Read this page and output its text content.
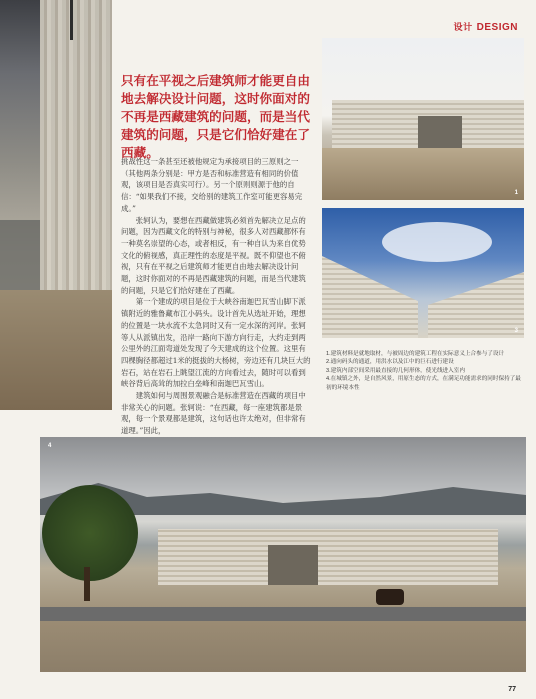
设计 DESIGN
1
3
4
只有在平视之后建筑师才能更自由地去解决设计问题，这时你面对的不再是西藏建筑的问题，而是当代建筑的问题，只是它们恰好建在了西藏。

挑战性这一条甚至还被他规定为承接项目的三原则之一（其他两条分别是：甲方是否和标准营造有相同的价值观，该项目是否真实可行）。另一个原则则源于他的自信：“如果我们不接，交给别的建筑工作室可能更容易完成。”

张轲认为，要想在西藏做建筑必须首先解决立足点的问题，因为西藏文化的特别与神秘，很多人对西藏都怀有一种莫名崇望的心态，或者相反，有一种自认为来自优势文化的俯视感，真正理性的态度是平视。既不仰望也不俯视，只有在平视之后建筑师才能更自由地去解决设计问题，这时你面对的不再是西藏建筑的问题，而是当代建筑的问题，只是它们恰好建在了西藏。

第一个建成的项目是位于大峡谷南迦巴瓦雪山脚下派镇附近的雅鲁藏布江小码头。设计首先从选址开始，理想的位置是一块水流不太急同时又有一定水深的河岸。张轲等人从派镇出发，沿岸一路向下游方向行走，大约走到两公里外的江面弯道处发现了今天建成的这个位置。这里有四棵胸径都超过1米的挺拔的大杨树，旁边还有几块巨大的岩石，站在岩石上眺望江流的方向看过去，随时可以看到峡谷背后高耸的加拉白垒峰和南迦巴瓦雪山。

建筑如何与周围景观融合是标准营造在西藏的项目中非常关心的问题。张轲说：“在西藏，每一座建筑都是景观，每一个景观都是建筑，这句话也许太绝对，但非常有道理。”因此，

1.建筑材料是就地取材，与被周边的建筑工程在实际意义上合参与了设计
2.通向码头的通道，用洪水以及江中的巨石进行建设
3.建筑内部空间采用最直接的几何形体，使光线进入室内
4.在城镇之外，是自然风景，用原生态的方式，在满足功能需求的同时保持了最初的环境本性
77
